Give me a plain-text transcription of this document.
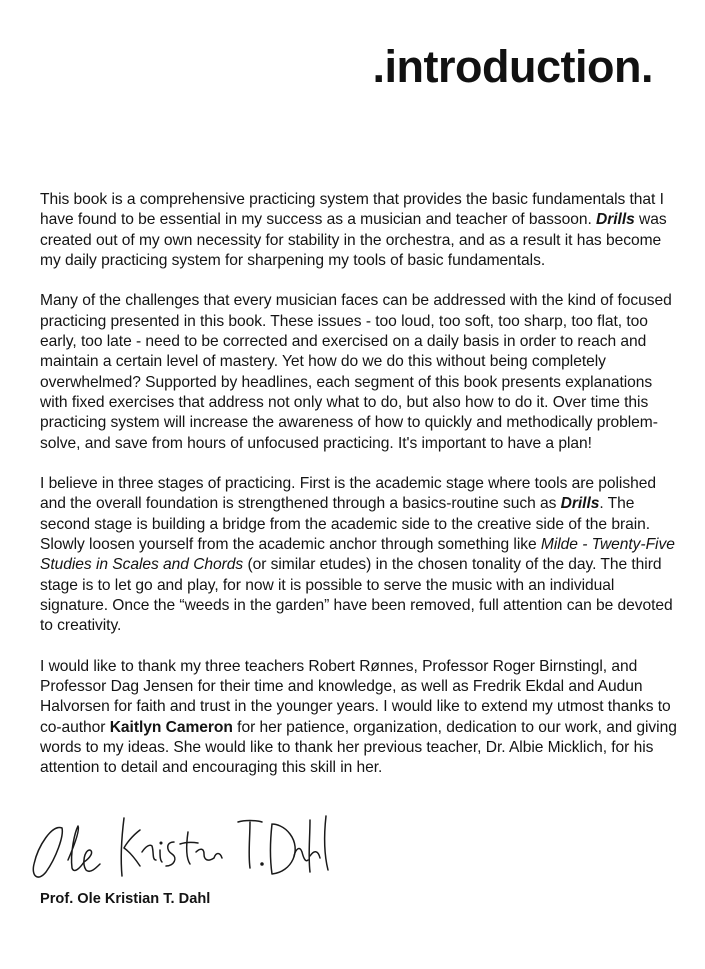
.introduction.

This book is a comprehensive practicing system that provides the basic fundamentals that I have found to be essential in my success as a musician and teacher of bassoon. Drills was created out of my own necessity for stability in the orchestra, and as a result it has become my daily practicing system for sharpening my tools of basic fundamentals.

Many of the challenges that every musician faces can be addressed with the kind of focused practicing presented in this book. These issues - too loud, too soft, too sharp, too flat, too early, too late - need to be corrected and exercised on a daily basis in order to reach and maintain a certain level of mastery. Yet how do we do this without being completely overwhelmed? Supported by headlines, each segment of this book presents explanations with fixed exercises that address not only what to do, but also how to do it. Over time this practicing system will increase the awareness of how to quickly and methodically problem-solve, and save from hours of unfocused practicing. It's important to have a plan!

I believe in three stages of practicing. First is the academic stage where tools are polished and the overall foundation is strengthened through a basics-routine such as Drills. The second stage is building a bridge from the academic side to the creative side of the brain. Slowly loosen yourself from the academic anchor through something like Milde - Twenty-Five Studies in Scales and Chords (or similar etudes) in the chosen tonality of the day. The third stage is to let go and play, for now it is possible to serve the music with an individual signature. Once the “weeds in the garden” have been removed, full attention can be devoted to creativity.

I would like to thank my three teachers Robert Rønnes, Professor Roger Birnstingl, and Professor Dag Jensen for their time and knowledge, as well as Fredrik Ekdal and Audun Halvorsen for faith and trust in the younger years. I would like to extend my utmost thanks to co-author Kaitlyn Cameron for her patience, organization, dedication to our work, and giving words to my ideas. She would like to thank her previous teacher, Dr. Albie Micklich, for his attention to detail and encouraging this skill in her.

Prof. Ole Kristian T. Dahl
